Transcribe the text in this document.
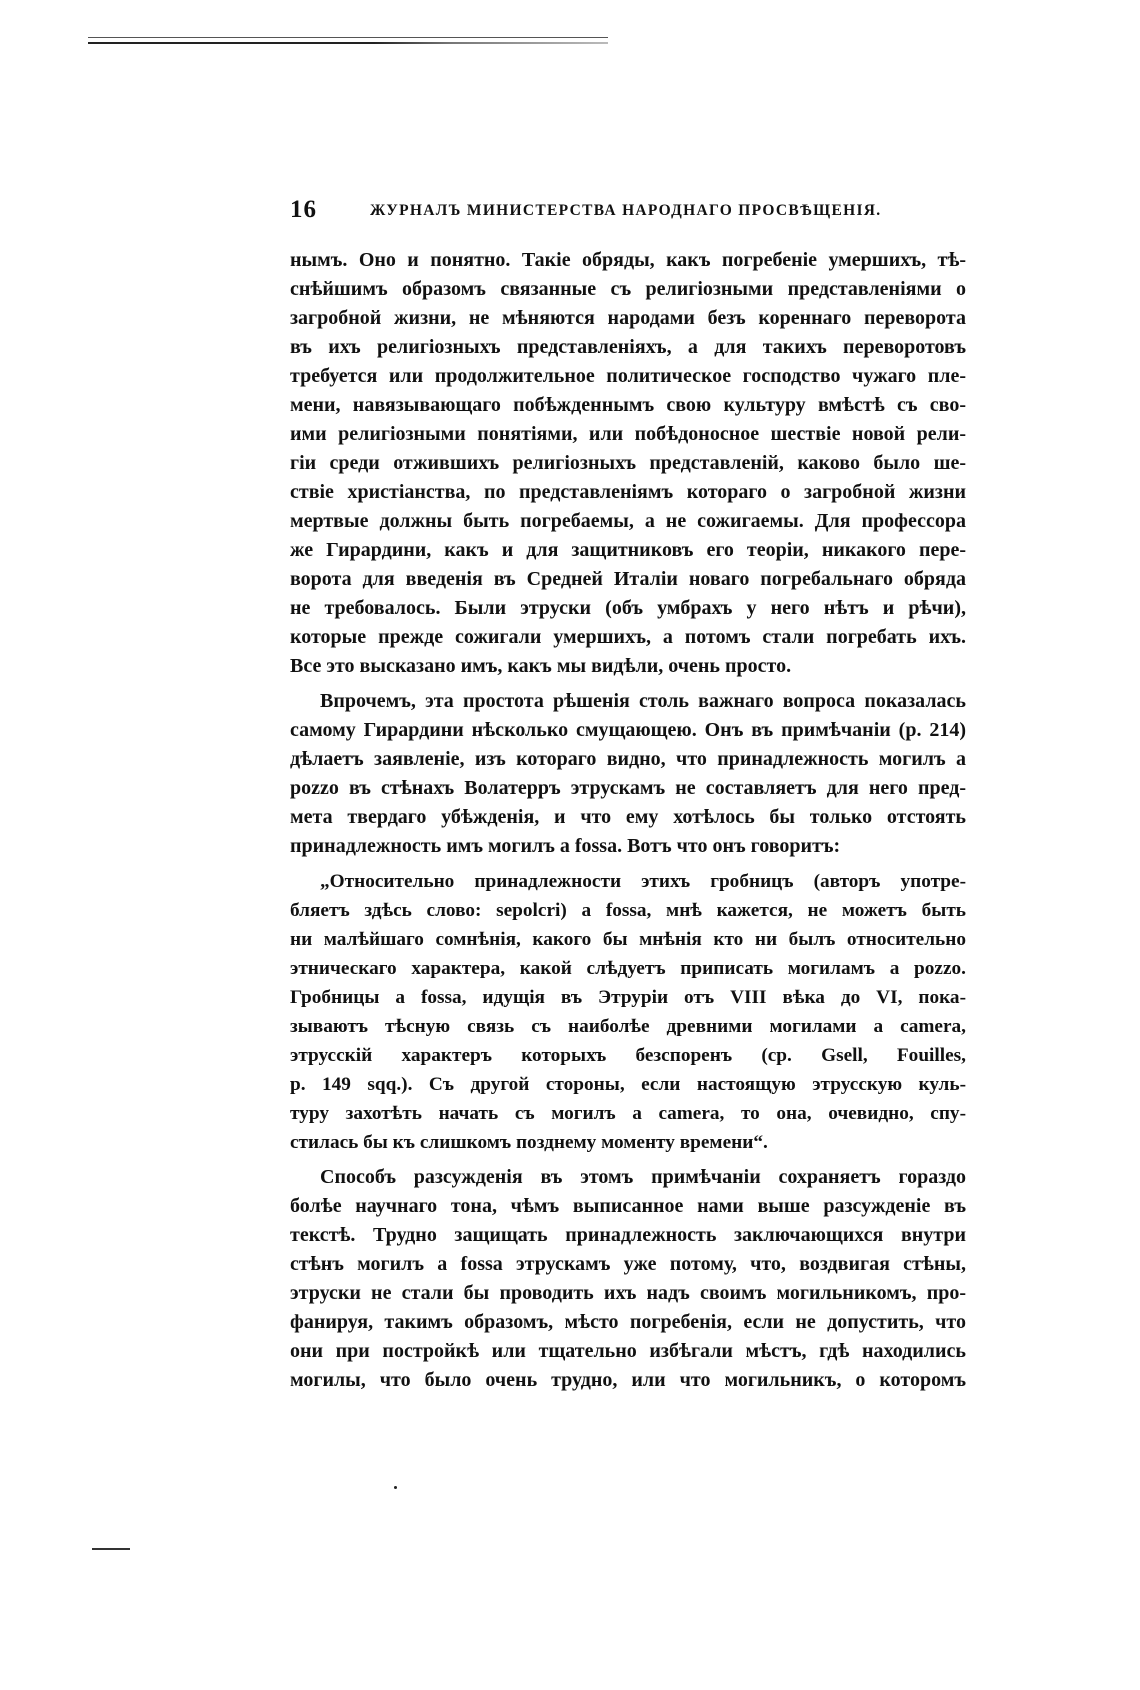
16	ЖУРНАЛЪ МИНИСТЕРСТВА НАРОДНАГО ПРОСВѢЩЕНІЯ.
нымъ. Оно и понятно. Такіе обряды, какъ погребеніе умершихъ, тѣ-
снѣйшимъ образомъ связанные съ религіозными представленіями о
загробной жизни, не мѣняются народами безъ кореннаго переворота
въ ихъ религіозныхъ представленіяхъ, а для такихъ переворотовъ
требуется или продолжительное политическое господство чужаго пле-
мени, навязывающаго побѣжденнымъ свою культуру вмѣстѣ съ сво-
ими религіозными понятіями, или побѣдоносное шествіе новой рели-
гіи среди отжившихъ религіозныхъ представленій, каково было ше-
ствіе христіанства, по представленіямъ котораго о загробной жизни
мертвые должны быть погребаемы, а не сожигаемы. Для профессора
же Гирардини, какъ и для защитниковъ его теоріи, никакого пере-
ворота для введенія въ Средней Италіи новаго погребальнаго обряда
не требовалось. Были этруски (объ умбрахъ у него нѣтъ и рѣчи),
которые прежде сожигали умершихъ, а потомъ стали погребать ихъ.
Все это высказано имъ, какъ мы видѣли, очень просто.
Впрочемъ, эта простота рѣшенія столь важнаго вопроса показалась
самому Гирардини нѣсколько смущающею. Онъ въ примѣчаніи (p. 214)
дѣлаетъ заявленіе, изъ котораго видно, что принадлежность могилъ a
pozzo въ стѣнахъ Волатерръ этрускамъ не составляетъ для него пред-
мета твердаго убѣжденія, и что ему хотѣлось бы только отстоять
принадлежность имъ могилъ a fossa. Вотъ что онъ говоритъ:
„Относительно принадлежности этихъ гробницъ (авторъ употре-
бляетъ здѣсь слово: sepolcri) a fossa, мнѣ кажется, не можетъ быть
ни малѣйшаго сомнѣнія, какого бы мнѣнія кто ни былъ относительно
этническаго характера, какой слѣдуетъ приписать могиламъ a pozzo.
Гробницы a fossa, идущія въ Этруріи отъ VIII вѣка до VI, пока-
зываютъ тѣсную связь съ наиболѣе древними могилами a camera,
этрусскій характеръ которыхъ безспоренъ (ср. Gsell, Fouilles,
p. 149 sqq.). Съ другой стороны, если настоящую этрусскую куль-
туру захотѣть начать съ могилъ a camera, то она, очевидно, спу-
стилась бы къ слишкомъ позднему моменту времени“.
Способъ разсужденія въ этомъ примѣчаніи сохраняетъ гораздо
болѣе научнаго тона, чѣмъ выписанное нами выше разсужденіе въ
текстѣ. Трудно защищать принадлежность заключающихся внутри
стѣнъ могилъ a fossa этрускамъ уже потому, что, воздвигая стѣны,
этруски не стали бы проводить ихъ надъ своимъ могильникомъ, про-
фанируя, такимъ образомъ, мѣсто погребенія, если не допустить, что
они при постройкѣ или тщательно избѣгали мѣстъ, гдѣ находились
могилы, что было очень трудно, или что могильникъ, о которомъ
